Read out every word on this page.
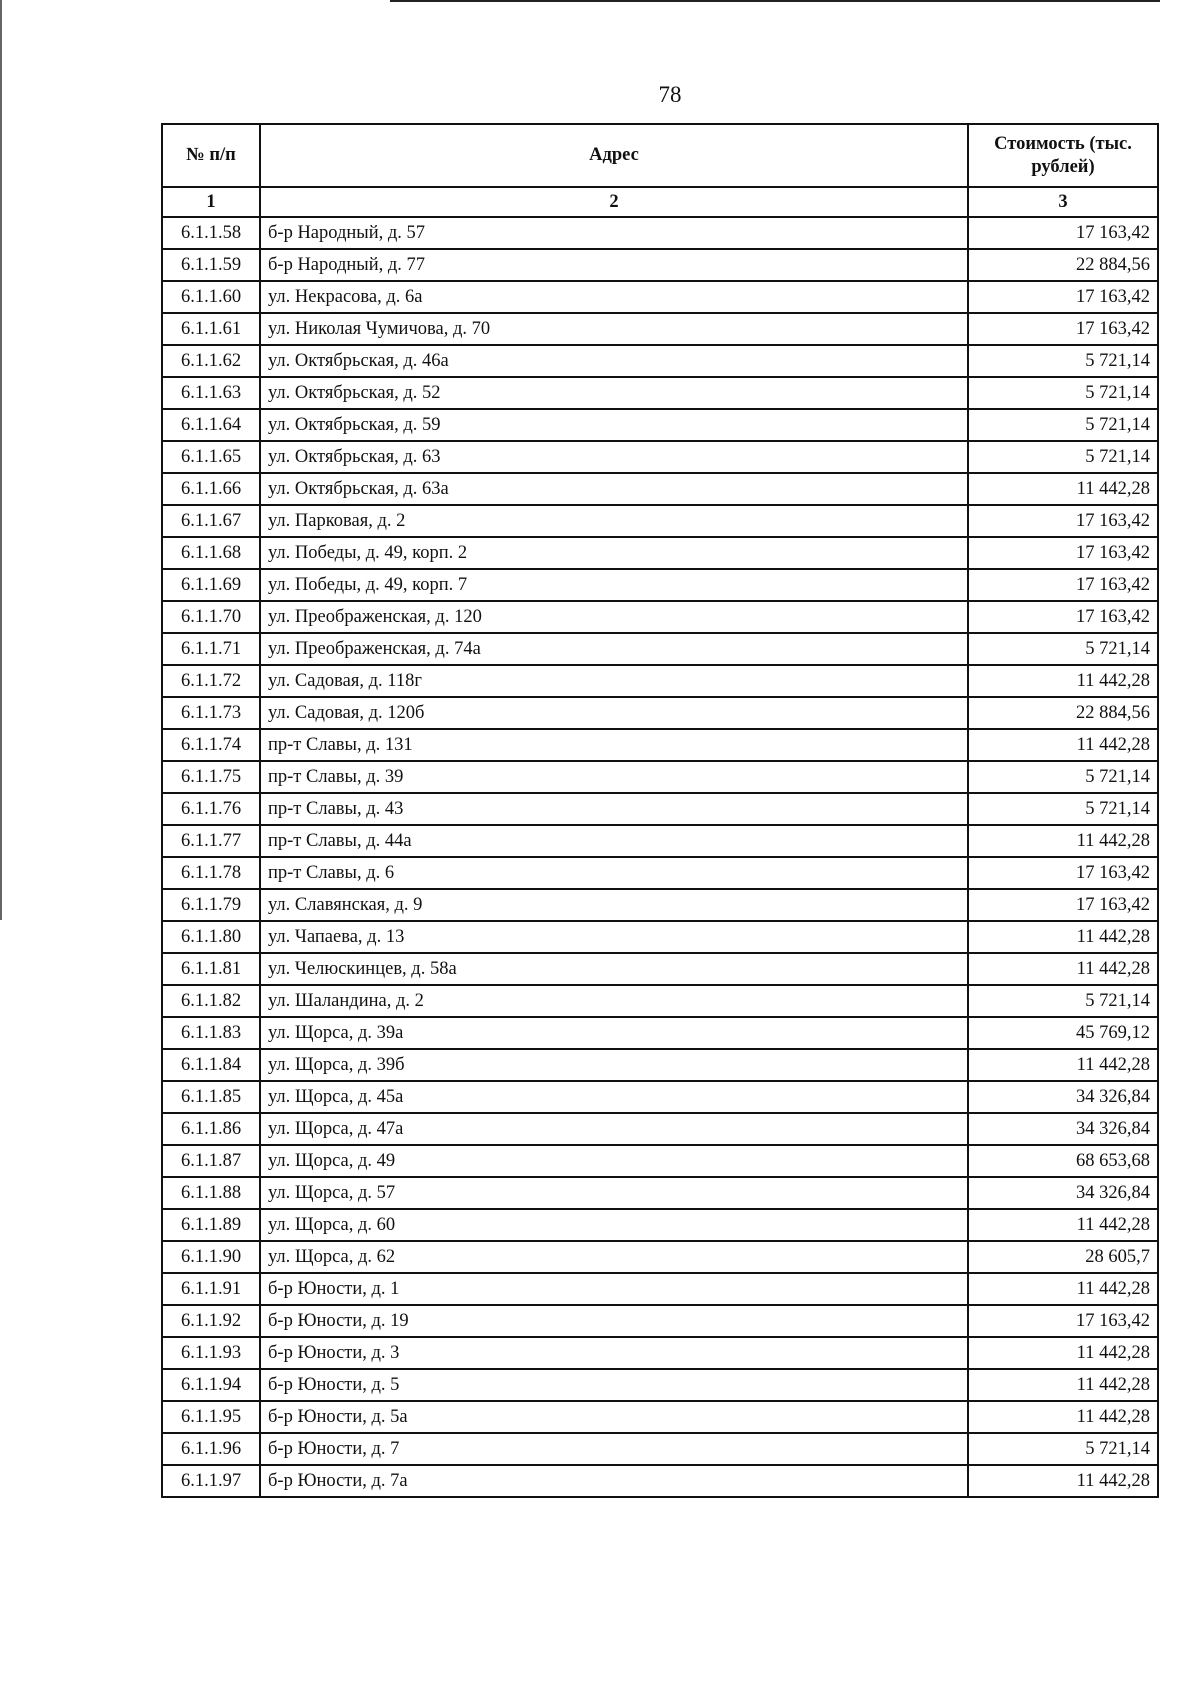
78
№ п/п	Адрес	Стоимость (тыс. рублей)
1	2	3
6.1.1.58	б-р Народный, д. 57	17 163,42
6.1.1.59	б-р Народный, д. 77	22 884,56
6.1.1.60	ул. Некрасова, д. 6а	17 163,42
6.1.1.61	ул. Николая Чумичова, д. 70	17 163,42
6.1.1.62	ул. Октябрьская, д. 46а	5 721,14
6.1.1.63	ул. Октябрьская, д. 52	5 721,14
6.1.1.64	ул. Октябрьская, д. 59	5 721,14
6.1.1.65	ул. Октябрьская, д. 63	5 721,14
6.1.1.66	ул. Октябрьская, д. 63а	11 442,28
6.1.1.67	ул. Парковая, д. 2	17 163,42
6.1.1.68	ул. Победы, д. 49, корп. 2	17 163,42
6.1.1.69	ул. Победы, д. 49, корп. 7	17 163,42
6.1.1.70	ул. Преображенская, д. 120	17 163,42
6.1.1.71	ул. Преображенская, д. 74а	5 721,14
6.1.1.72	ул. Садовая, д. 118г	11 442,28
6.1.1.73	ул. Садовая, д. 120б	22 884,56
6.1.1.74	пр-т Славы, д. 131	11 442,28
6.1.1.75	пр-т Славы, д. 39	5 721,14
6.1.1.76	пр-т Славы, д. 43	5 721,14
6.1.1.77	пр-т Славы, д. 44а	11 442,28
6.1.1.78	пр-т Славы, д. 6	17 163,42
6.1.1.79	ул. Славянская, д. 9	17 163,42
6.1.1.80	ул. Чапаева, д. 13	11 442,28
6.1.1.81	ул. Челюскинцев, д. 58а	11 442,28
6.1.1.82	ул. Шаландина, д. 2	5 721,14
6.1.1.83	ул. Щорса, д. 39а	45 769,12
6.1.1.84	ул. Щорса, д. 39б	11 442,28
6.1.1.85	ул. Щорса, д. 45а	34 326,84
6.1.1.86	ул. Щорса, д. 47а	34 326,84
6.1.1.87	ул. Щорса, д. 49	68 653,68
6.1.1.88	ул. Щорса, д. 57	34 326,84
6.1.1.89	ул. Щорса, д. 60	11 442,28
6.1.1.90	ул. Щорса, д. 62	28 605,7
6.1.1.91	б-р Юности, д. 1	11 442,28
6.1.1.92	б-р Юности, д. 19	17 163,42
6.1.1.93	б-р Юности, д. 3	11 442,28
6.1.1.94	б-р Юности, д. 5	11 442,28
6.1.1.95	б-р Юности, д. 5а	11 442,28
6.1.1.96	б-р Юности, д. 7	5 721,14
6.1.1.97	б-р Юности, д. 7а	11 442,28
